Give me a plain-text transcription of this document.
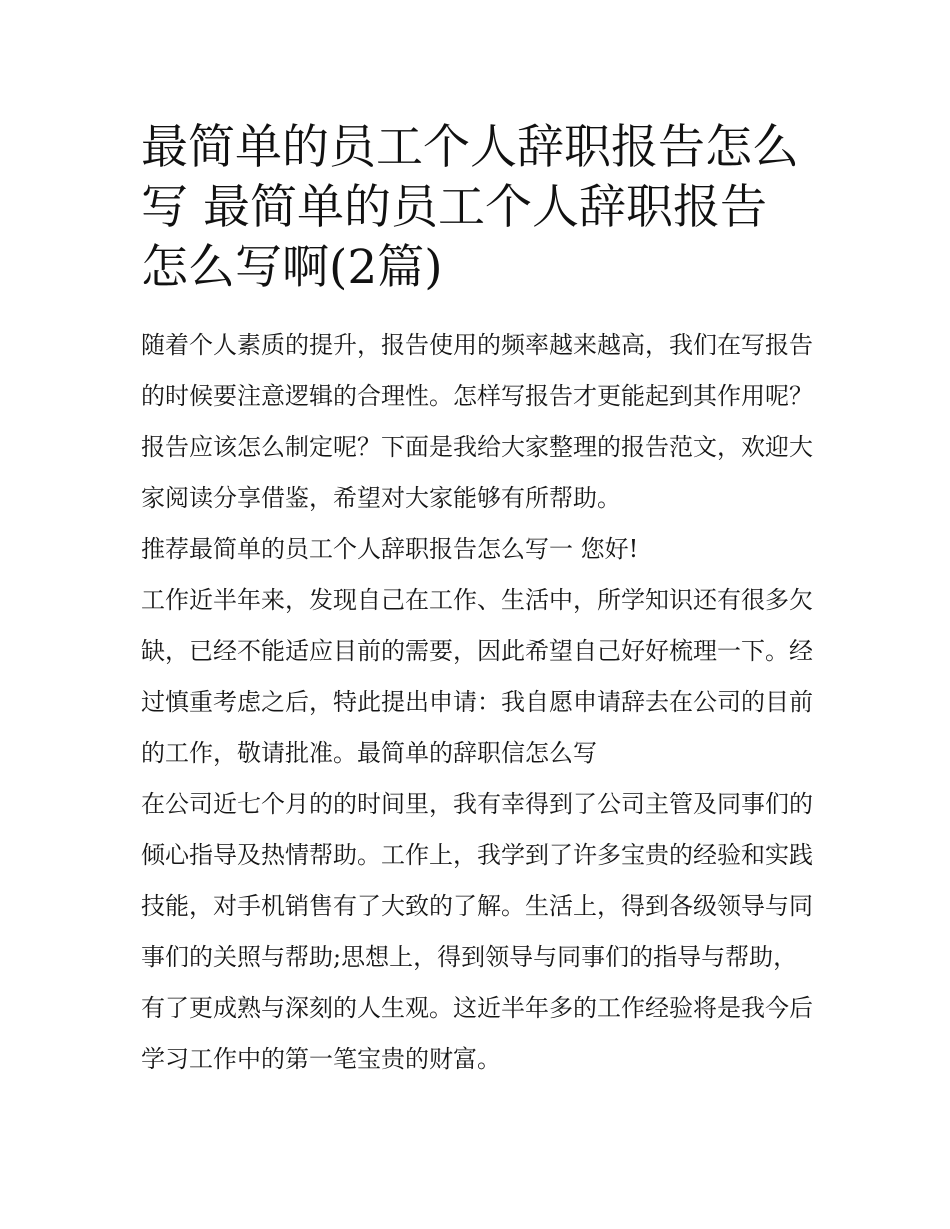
最简单的员工个人辞职报告怎么写 最简单的员工个人辞职报告怎么写啊(2篇)

随着个人素质的提升，报告使用的频率越来越高，我们在写报告的时候要注意逻辑的合理性。怎样写报告才更能起到其作用呢？报告应该怎么制定呢？下面是我给大家整理的报告范文，欢迎大家阅读分享借鉴，希望对大家能够有所帮助。

推荐最简单的员工个人辞职报告怎么写一 您好!

工作近半年来，发现自己在工作、生活中，所学知识还有很多欠缺，已经不能适应目前的需要，因此希望自己好好梳理一下。经过慎重考虑之后，特此提出申请：我自愿申请辞去在公司的目前的工作，敬请批准。最简单的辞职信怎么写

在公司近七个月的的时间里，我有幸得到了公司主管及同事们的倾心指导及热情帮助。工作上，我学到了许多宝贵的经验和实践技能，对手机销售有了大致的了解。生活上，得到各级领导与同事们的关照与帮助;思想上，得到领导与同事们的指导与帮助，有了更成熟与深刻的人生观。这近半年多的工作经验将是我今后学习工作中的第一笔宝贵的财富。
